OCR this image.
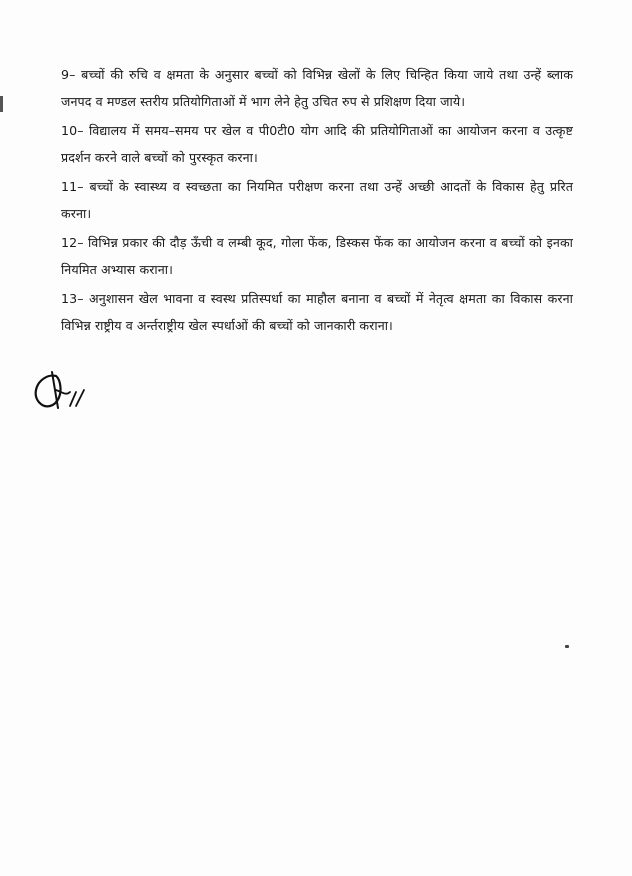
9– बच्चों की रुचि व क्षमता के अनुसार बच्चों को विभिन्न खेलों के लिए चिन्हित किया जाये तथा उन्हें ब्लाक जनपद व मण्डल स्तरीय प्रतियोगिताओं में भाग लेने हेतु उचित रुप से प्रशिक्षण दिया जाये।

10– विद्यालय में समय–समय पर खेल व पी0टी0 योग आदि की प्रतियोगिताओं का आयोजन करना व उत्कृष्ट प्रदर्शन करने वाले बच्चों को पुरस्कृत करना।

11– बच्चों के स्वास्थ्य व स्वच्छता का नियमित परीक्षण करना तथा उन्हें अच्छी आदतों के विकास हेतु प्ररित करना।

12– विभिन्न प्रकार की दौड़ ऊँची व लम्बी कूद, गोला फेंक, डिस्कस फेंक का आयोजन करना व बच्चों को इनका नियमित अभ्यास कराना।

13– अनुशासन खेल भावना व स्वस्थ प्रतिस्पर्धा का माहौल बनाना व बच्चों में नेतृत्व क्षमता का विकास करना विभिन्न राष्ट्रीय व अर्न्तराष्ट्रीय खेल स्पर्धाओं की बच्चों को जानकारी कराना।
